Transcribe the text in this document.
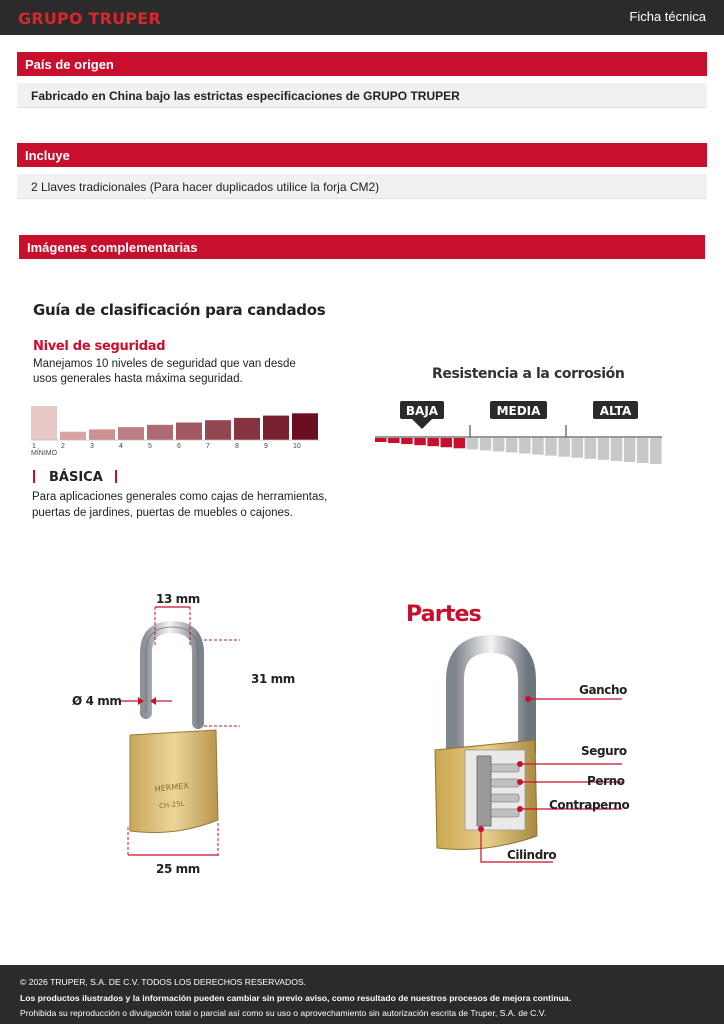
GRUPO TRUPER	Ficha técnica
País de origen
Fabricado en China bajo las estrictas especificaciones de GRUPO TRUPER
Incluye
2 Llaves tradicionales (Para hacer duplicados utilice la forja CM2)
Imágenes complementarias
Guía de clasificación para candados
Nivel de seguridad
Manejamos 10 niveles de seguridad que van desde usos generales hasta máxima seguridad.
1	2	3	4	5	6	7	8	9	10
MÍNIMO
BÁSICA
Para aplicaciones generales como cajas de herramientas, puertas de jardines, puertas de muebles o cajones.
Resistencia a la corrosión
BAJA	MEDIA	ALTA
HERMEX
CH-25L
13 mm
31 mm
Ø 4 mm
25 mm
Partes
Gancho
Seguro
Perno
Contraperno
Cilindro
© 2026 TRUPER, S.A. DE C.V. TODOS LOS DERECHOS RESERVADOS.
Los productos ilustrados y la información pueden cambiar sin previo aviso, como resultado de nuestros procesos de mejora continua.
Prohibida su reproducción o divulgación total o parcial así como su uso o aprovechamiento sin autorización escrita de Truper, S.A. de C.V.
